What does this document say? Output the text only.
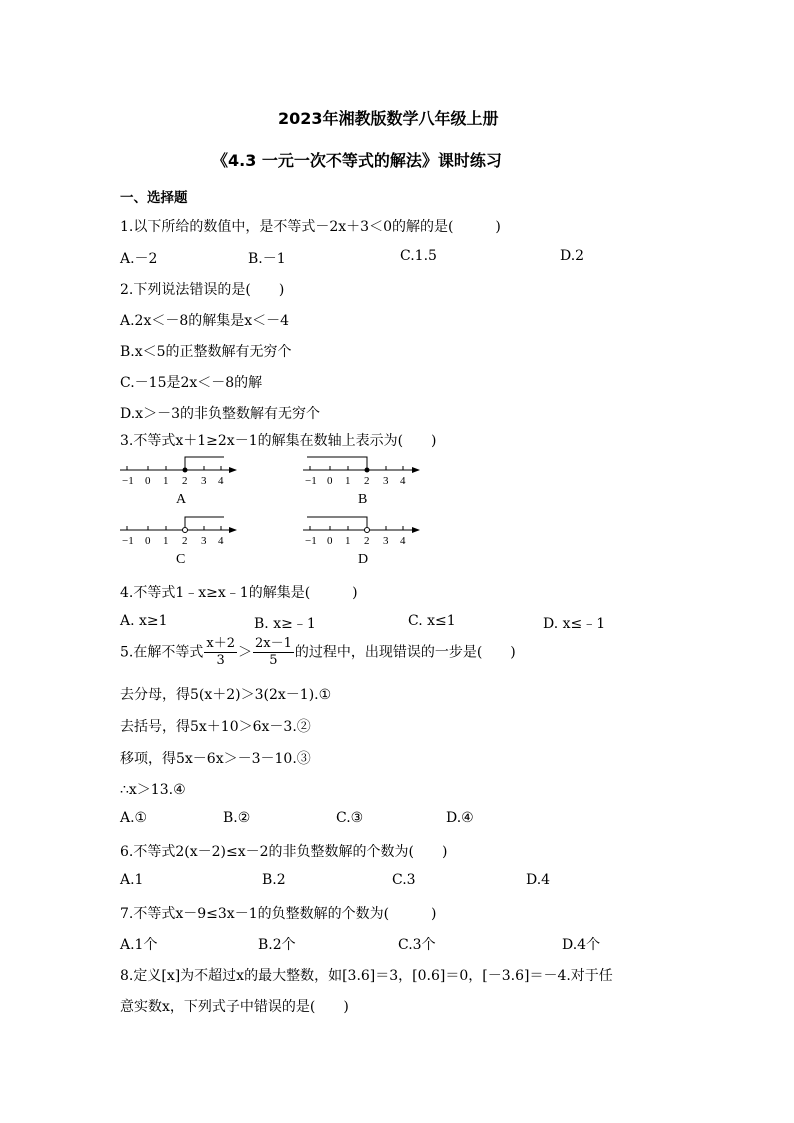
2023年湘教版数学八年级上册
《4.3 一元一次不等式的解法》课时练习
一、选择题
1.以下所给的数值中，是不等式－2x＋3＜0的解的是(　　　)
A.－2	B.－1	C.1.5	D.2
2.下列说法错误的是(　　)
A.2x＜－8的解集是x＜－4
B.x＜5的正整数解有无穷个
C.－15是2x＜－8的解
D.x＞－3的非负整数解有无穷个
3.不等式x＋1≥2x－1的解集在数轴上表示为(　　)
−1 0 1 2 3 4
A
−1 0 1 2 3 4
B
−1 0 1 2 3 4
C
−1 0 1 2 3 4
D
4.不等式1﹣x≥x﹣1的解集是(　　　)
A. x≥1	B. x≥﹣1	C. x≤1	D. x≤﹣1
5.在解不等式 $\frac{x+2}{3} > \frac{2x-1}{5}$ 的过程中，出现错误的一步是(　　)
去分母，得5(x＋2)＞3(2x－1).①
去括号，得5x＋10＞6x－3.②
移项，得5x－6x＞－3－10.③
∴x＞13.④
A.①	B.②	C.③	D.④
6.不等式2(x－2)≤x－2的非负整数解的个数为(　　)
A.1	B.2	C.3	D.4
7.不等式x－9≤3x－1的负整数解的个数为(　　　)
A.1个	B.2个	C.3个	D.4个
8.定义[x]为不超过x的最大整数，如[3.6]＝3，[0.6]＝0，[－3.6]＝－4.对于任
意实数x，下列式子中错误的是(　　)
